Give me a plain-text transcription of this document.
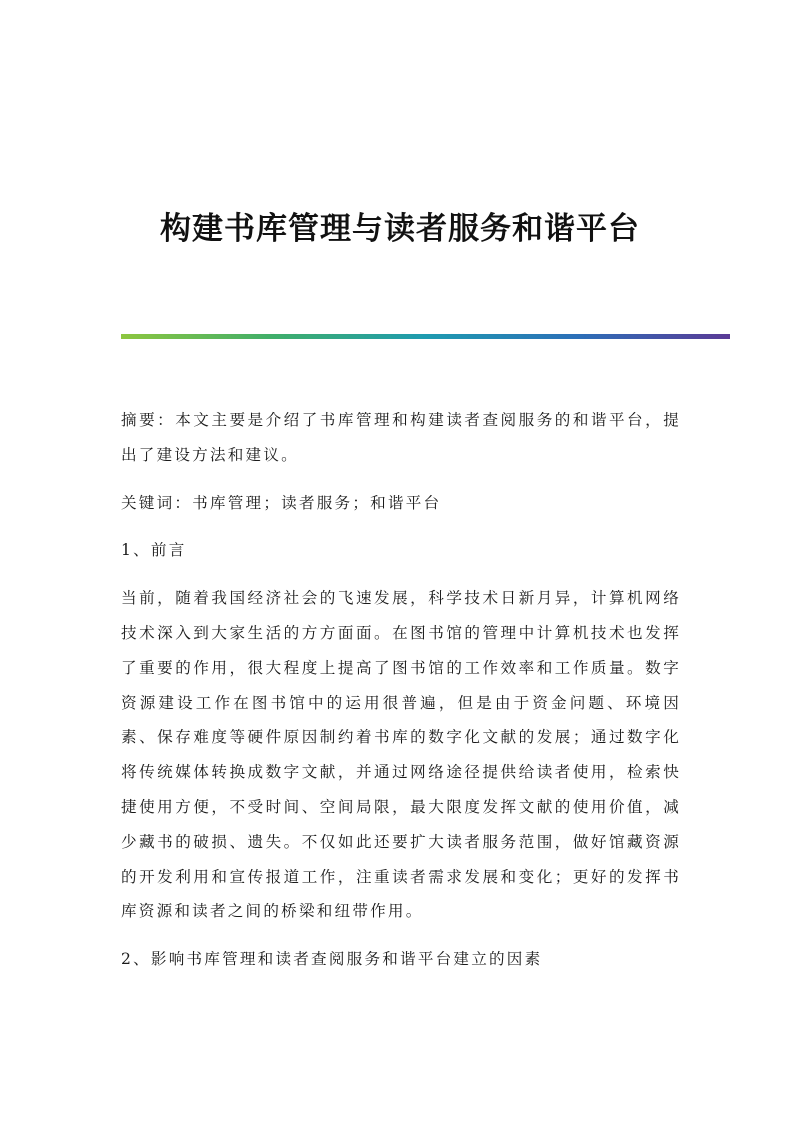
构建书库管理与读者服务和谐平台

摘要：本文主要是介绍了书库管理和构建读者查阅服务的和谐平台，提出了建设方法和建议。

关键词：书库管理；读者服务；和谐平台

1、前言

当前，随着我国经济社会的飞速发展，科学技术日新月异，计算机网络技术深入到大家生活的方方面面。在图书馆的管理中计算机技术也发挥了重要的作用，很大程度上提高了图书馆的工作效率和工作质量。数字资源建设工作在图书馆中的运用很普遍，但是由于资金问题、环境因素、保存难度等硬件原因制约着书库的数字化文献的发展；通过数字化将传统媒体转换成数字文献，并通过网络途径提供给读者使用，检索快捷使用方便，不受时间、空间局限，最大限度发挥文献的使用价值，减少藏书的破损、遗失。不仅如此还要扩大读者服务范围，做好馆藏资源的开发利用和宣传报道工作，注重读者需求发展和变化；更好的发挥书库资源和读者之间的桥梁和纽带作用。

2、影响书库管理和读者查阅服务和谐平台建立的因素
